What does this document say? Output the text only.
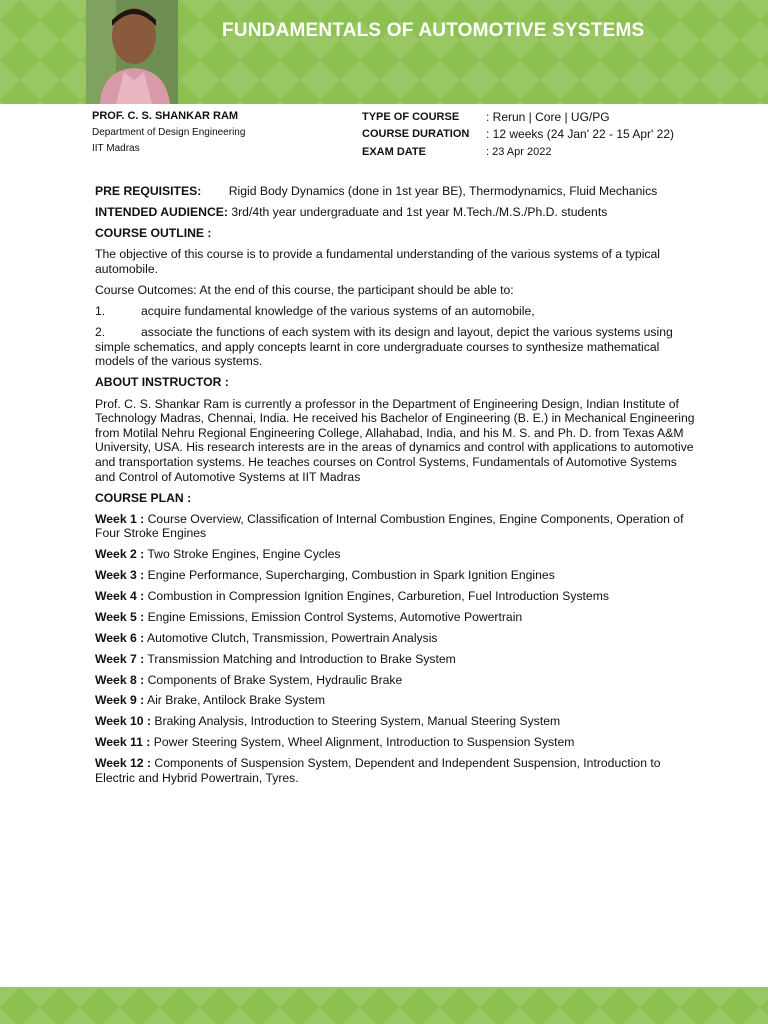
FUNDAMENTALS OF AUTOMOTIVE SYSTEMS
PROF. C. S. SHANKAR RAM
Department of Design Engineering
IIT Madras
TYPE OF COURSE	: Rerun | Core | UG/PG
COURSE DURATION	: 12 weeks (24 Jan' 22 - 15 Apr' 22)
EXAM DATE	: 23 Apr 2022

PRE REQUISITES: Rigid Body Dynamics (done in 1st year BE), Thermodynamics, Fluid Mechanics

INTENDED AUDIENCE: 3rd/4th year undergraduate and 1st year M.Tech./M.S./Ph.D. students

COURSE OUTLINE :

The objective of this course is to provide a fundamental understanding of the various systems of a typical automobile.

Course Outcomes: At the end of this course, the participant should be able to:

1.	acquire fundamental knowledge of the various systems of an automobile,

2.	associate the functions of each system with its design and layout, depict the various systems using simple schematics, and apply concepts learnt in core undergraduate courses to synthesize mathematical models of the various systems.

ABOUT INSTRUCTOR :

Prof. C. S. Shankar Ram is currently a professor in the Department of Engineering Design, Indian Institute of Technology Madras, Chennai, India. He received his Bachelor of Engineering (B. E.) in Mechanical Engineering from Motilal Nehru Regional Engineering College, Allahabad, India, and his M. S. and Ph. D. from Texas A&M University, USA. His research interests are in the areas of dynamics and control with applications to automotive and transportation systems. He teaches courses on Control Systems, Fundamentals of Automotive Systems and Control of Automotive Systems at IIT Madras

COURSE PLAN :

Week 1 : Course Overview, Classification of Internal Combustion Engines, Engine Components, Operation of Four Stroke Engines

Week 2 : Two Stroke Engines, Engine Cycles

Week 3 : Engine Performance, Supercharging, Combustion in Spark Ignition Engines

Week 4 : Combustion in Compression Ignition Engines, Carburetion, Fuel Introduction Systems

Week 5 : Engine Emissions, Emission Control Systems, Automotive Powertrain

Week 6 : Automotive Clutch, Transmission, Powertrain Analysis

Week 7 : Transmission Matching and Introduction to Brake System

Week 8 : Components of Brake System, Hydraulic Brake

Week 9 : Air Brake, Antilock Brake System

Week 10 : Braking Analysis, Introduction to Steering System, Manual Steering System

Week 11 : Power Steering System, Wheel Alignment, Introduction to Suspension System

Week 12 : Components of Suspension System, Dependent and Independent Suspension, Introduction to Electric and Hybrid Powertrain, Tyres.
